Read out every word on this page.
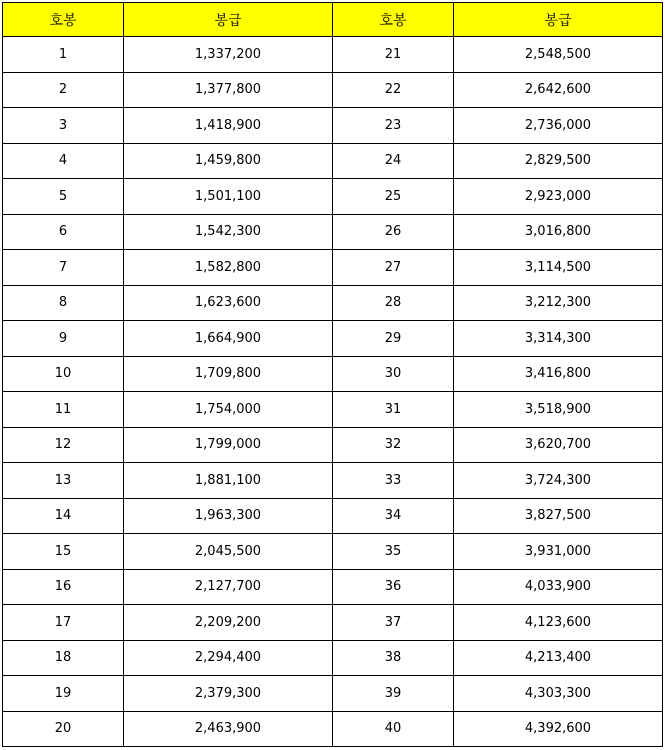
호봉	봉급	호봉	봉급
1	1,337,200	21	2,548,500
2	1,377,800	22	2,642,600
3	1,418,900	23	2,736,000
4	1,459,800	24	2,829,500
5	1,501,100	25	2,923,000
6	1,542,300	26	3,016,800
7	1,582,800	27	3,114,500
8	1,623,600	28	3,212,300
9	1,664,900	29	3,314,300
10	1,709,800	30	3,416,800
11	1,754,000	31	3,518,900
12	1,799,000	32	3,620,700
13	1,881,100	33	3,724,300
14	1,963,300	34	3,827,500
15	2,045,500	35	3,931,000
16	2,127,700	36	4,033,900
17	2,209,200	37	4,123,600
18	2,294,400	38	4,213,400
19	2,379,300	39	4,303,300
20	2,463,900	40	4,392,600
